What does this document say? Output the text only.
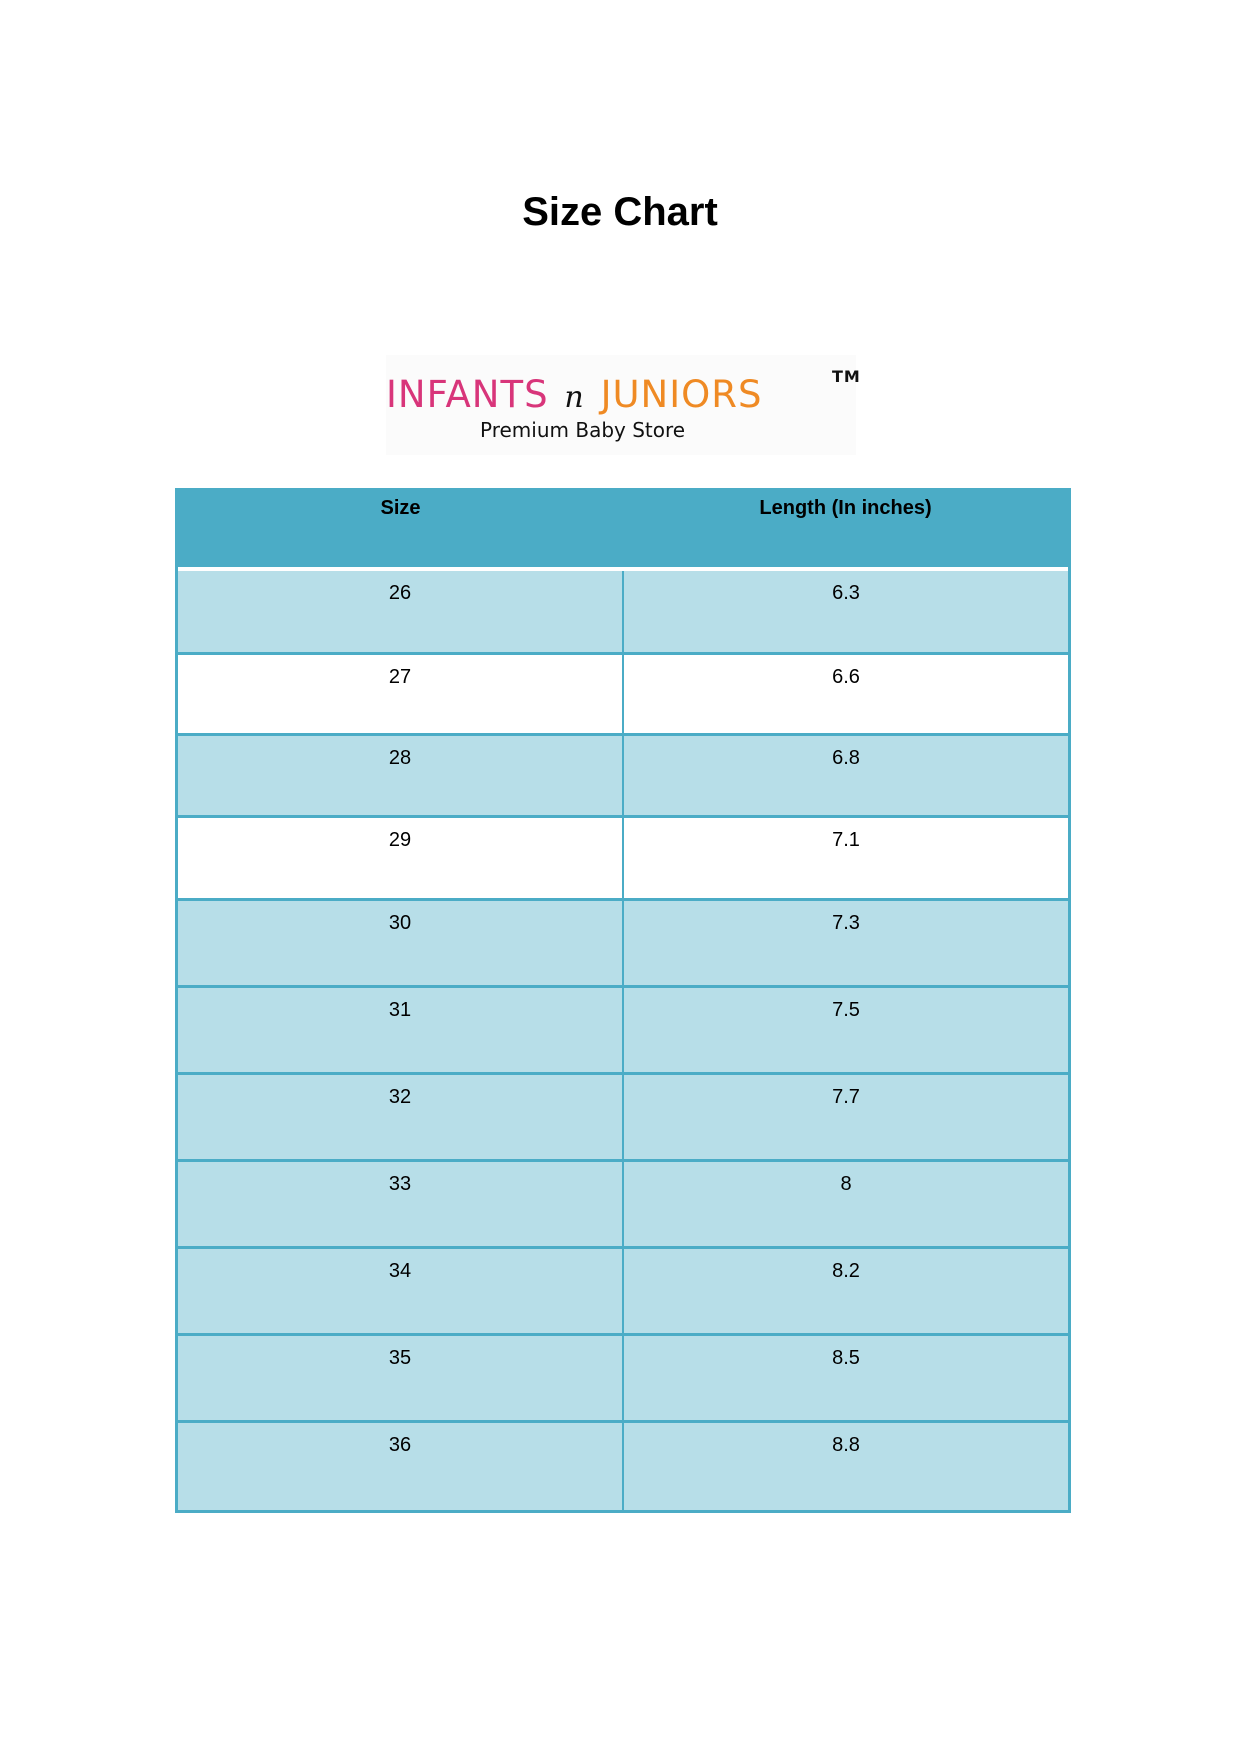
Size Chart
INFANTS n JUNIORS	TM
Premium Baby Store
Size	Length (In inches)
26	6.3
27	6.6
28	6.8
29	7.1
30	7.3
31	7.5
32	7.7
33	8
34	8.2
35	8.5
36	8.8
